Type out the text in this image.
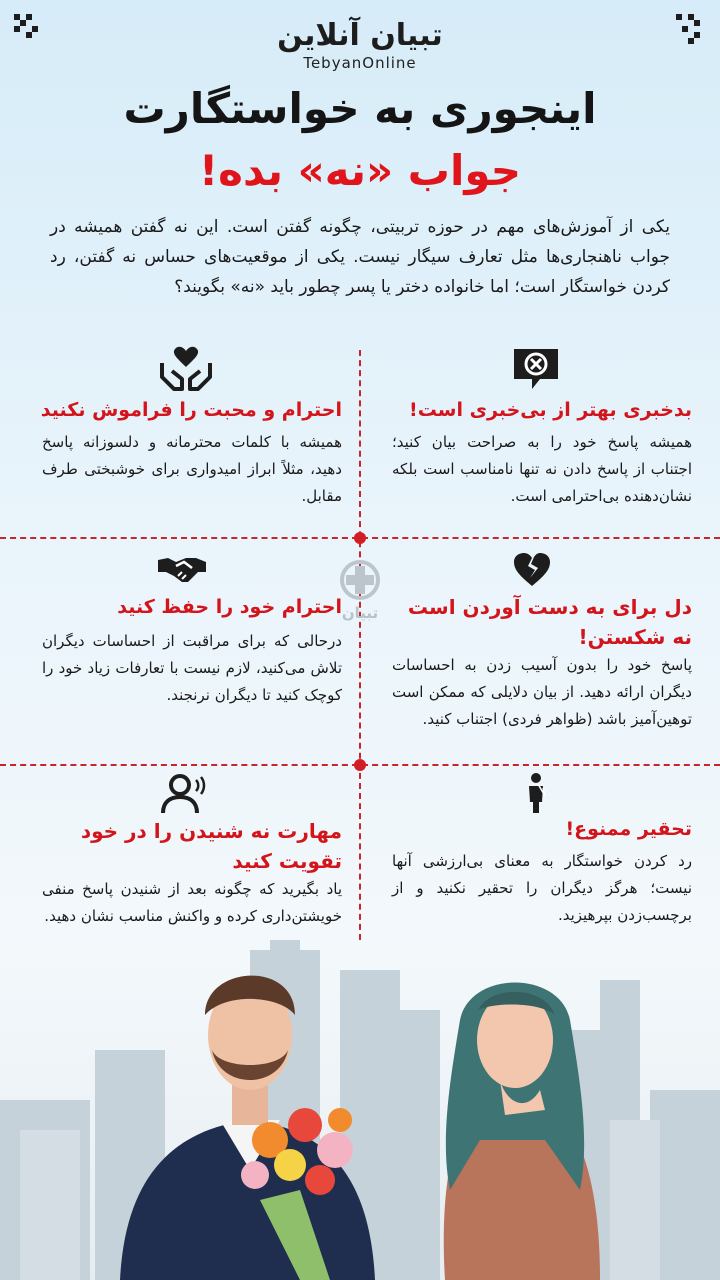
تبیان آنلاین
TebyanOnline
اینجوری به خواستگارت
جواب «نه» بده!
یکی از آموزش‌های مهم در حوزه تربیتی، چگونه گفتن است. این نه گفتن همیشه در جواب ناهنجاری‌ها مثل تعارف سیگار نیست. یکی از موقعیت‌های حساس نه گفتن، رد کردن خواستگار است؛ اما خانواده دختر یا پسر چطور باید «نه» بگویند؟
تبیان
بدخبری بهتر از بی‌خبری است!

همیشه پاسخ خود را به صراحت بیان کنید؛ اجتناب از پاسخ دادن نه تنها نامناسب است بلکه نشان‌دهنده بی‌احترامی است.

احترام و محبت را فراموش نکنید

همیشه با کلمات محترمانه و دلسوزانه پاسخ دهید، مثلاً ابراز امیدواری برای خوشبختی طرف مقابل.

دل برای به دست آوردن است نه شکستن!

پاسخ خود را بدون آسیب زدن به احساسات دیگران ارائه دهید. از بیان دلایلی که ممکن است توهین‌آمیز باشد (ظواهر فردی) اجتناب کنید.

احترام خود را حفظ کنید

درحالی که برای مراقبت از احساسات دیگران تلاش می‌کنید، لازم نیست با تعارفات زیاد خود را کوچک کنید تا دیگران نرنجند.

تحقیر ممنوع!

رد کردن خواستگار به معنای بی‌ارزشی آنها نیست؛ هرگز دیگران را تحقیر نکنید و از برچسب‌زدن بپرهیزید.

مهارت نه شنیدن را در خود تقویت کنید

یاد بگیرید که چگونه بعد از شنیدن پاسخ منفی خویشتن‌داری کرده و واکنش مناسب نشان دهید.
